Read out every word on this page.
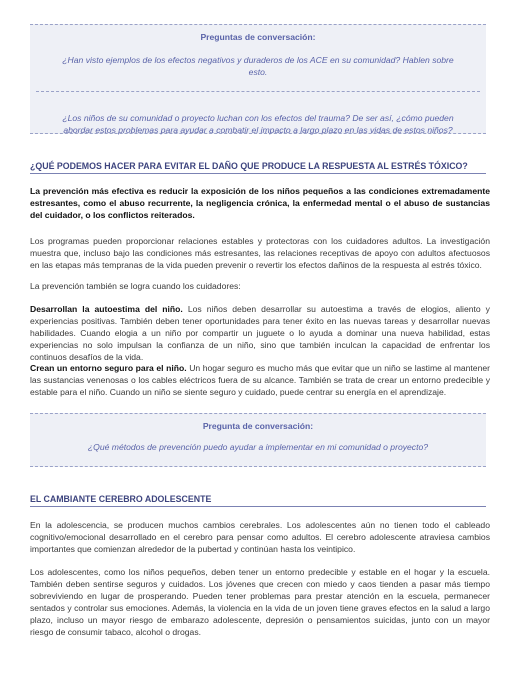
Preguntas de conversación:
¿Han visto ejemplos de los efectos negativos y duraderos de los ACE en su comunidad? Hablen sobre esto.
¿Los niños de su comunidad o proyecto luchan con los efectos del trauma? De ser así, ¿cómo pueden abordar estos problemas para ayudar a combatir el impacto a largo plazo en las vidas de estos niños?
¿QUÉ PODEMOS HACER PARA EVITAR EL DAÑO QUE PRODUCE LA RESPUESTA AL ESTRÉS TÓXICO?
La prevención más efectiva es reducir la exposición de los niños pequeños a las condiciones extremadamente estresantes, como el abuso recurrente, la negligencia crónica, la enfermedad mental o el abuso de sustancias del cuidador, o los conflictos reiterados.
Los programas pueden proporcionar relaciones estables y protectoras con los cuidadores adultos. La investigación muestra que, incluso bajo las condiciones más estresantes, las relaciones receptivas de apoyo con adultos afectuosos en las etapas más tempranas de la vida pueden prevenir o revertir los efectos dañinos de la respuesta al estrés tóxico.
La prevención también se logra cuando los cuidadores:
Desarrollan la autoestima del niño. Los niños deben desarrollar su autoestima a través de elogios, aliento y experiencias positivas. También deben tener oportunidades para tener éxito en las nuevas tareas y desarrollar nuevas habilidades. Cuando elogia a un niño por compartir un juguete o lo ayuda a dominar una nueva habilidad, estas experiencias no solo impulsan la confianza de un niño, sino que también inculcan la capacidad de enfrentar los continuos desafíos de la vida.
Crean un entorno seguro para el niño. Un hogar seguro es mucho más que evitar que un niño se lastime al mantener las sustancias venenosas o los cables eléctricos fuera de su alcance. También se trata de crear un entorno predecible y estable para el niño. Cuando un niño se siente seguro y cuidado, puede centrar su energía en el aprendizaje.
Pregunta de conversación:
¿Qué métodos de prevención puedo ayudar a implementar en mi comunidad o proyecto?
EL CAMBIANTE CEREBRO ADOLESCENTE
En la adolescencia, se producen muchos cambios cerebrales. Los adolescentes aún no tienen todo el cableado cognitivo/emocional desarrollado en el cerebro para pensar como adultos. El cerebro adolescente atraviesa cambios importantes que comienzan alrededor de la pubertad y continúan hasta los veintipico.
Los adolescentes, como los niños pequeños, deben tener un entorno predecible y estable en el hogar y la escuela. También deben sentirse seguros y cuidados. Los jóvenes que crecen con miedo y caos tienden a pasar más tiempo sobreviviendo en lugar de prosperando. Pueden tener problemas para prestar atención en la escuela, permanecer sentados y controlar sus emociones. Además, la violencia en la vida de un joven tiene graves efectos en la salud a largo plazo, incluso un mayor riesgo de embarazo adolescente, depresión o pensamientos suicidas, junto con un mayor riesgo de consumir tabaco, alcohol o drogas.
